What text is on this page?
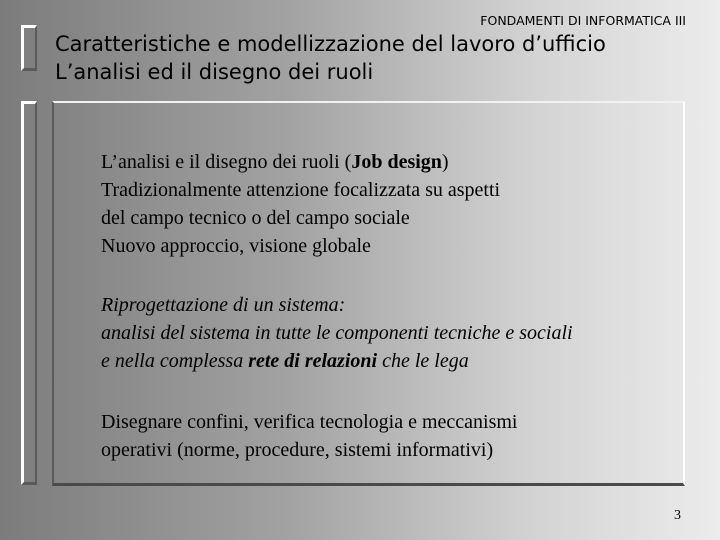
FONDAMENTI DI INFORMATICA III
Caratteristiche e modellizzazione del lavoro d’ufficio
L’analisi ed il disegno dei ruoli

L’analisi e il disegno dei ruoli (Job design)
Tradizionalmente attenzione focalizzata su aspetti
del campo tecnico o del campo sociale
Nuovo approccio, visione globale

Riprogettazione di un sistema:
analisi del sistema in tutte le componenti tecniche e sociali
e nella complessa rete di relazioni che le lega

Disegnare confini, verifica tecnologia e meccanismi
operativi (norme, procedure, sistemi informativi)

3
